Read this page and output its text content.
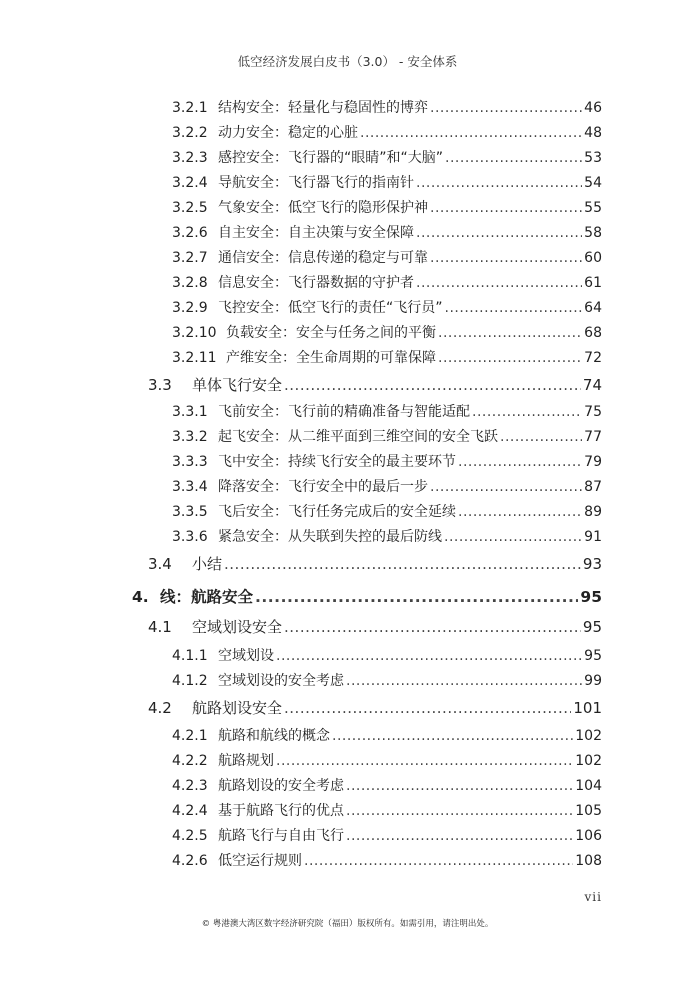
低空经济发展白皮书（3.0） - 安全体系
3.2.1 结构安全：轻量化与稳固性的博弈 .....	46
3.2.2 动力安全：稳定的心脏 .....	48
3.2.3 感控安全：飞行器的“眼睛”和“大脑” .....	53
3.2.4 导航安全：飞行器飞行的指南针 .....	54
3.2.5 气象安全：低空飞行的隐形保护神 .....	55
3.2.6 自主安全：自主决策与安全保障 .....	58
3.2.7 通信安全：信息传递的稳定与可靠 .....	60
3.2.8 信息安全：飞行器数据的守护者 .....	61
3.2.9 飞控安全：低空飞行的责任“飞行员” .....	64
3.2.10 负载安全：安全与任务之间的平衡 .....	68
3.2.11 产维安全：全生命周期的可靠保障 .....	72
3.3	单体飞行安全 .....	74
3.3.1 飞前安全：飞行前的精确准备与智能适配 .....	75
3.3.2 起飞安全：从二维平面到三维空间的安全飞跃 .....	77
3.3.3 飞中安全：持续飞行安全的最主要环节 .....	79
3.3.4 降落安全：飞行安全中的最后一步 .....	87
3.3.5 飞后安全：飞行任务完成后的安全延续 .....	89
3.3.6 紧急安全：从失联到失控的最后防线 .....	91
3.4	小结 .....	93
4. 线：航路安全 .....	95
4.1	空域划设安全 .....	95
4.1.1 空域划设 .....	95
4.1.2 空域划设的安全考虑 .....	99
4.2	航路划设安全 .....	101
4.2.1 航路和航线的概念 .....	102
4.2.2 航路规划 .....	102
4.2.3 航路划设的安全考虑 .....	104
4.2.4 基于航路飞行的优点 .....	105
4.2.5 航路飞行与自由飞行 .....	106
4.2.6 低空运行规则 .....	108
vii
© 粤港澳大湾区数字经济研究院（福田）版权所有。如需引用，请注明出处。
